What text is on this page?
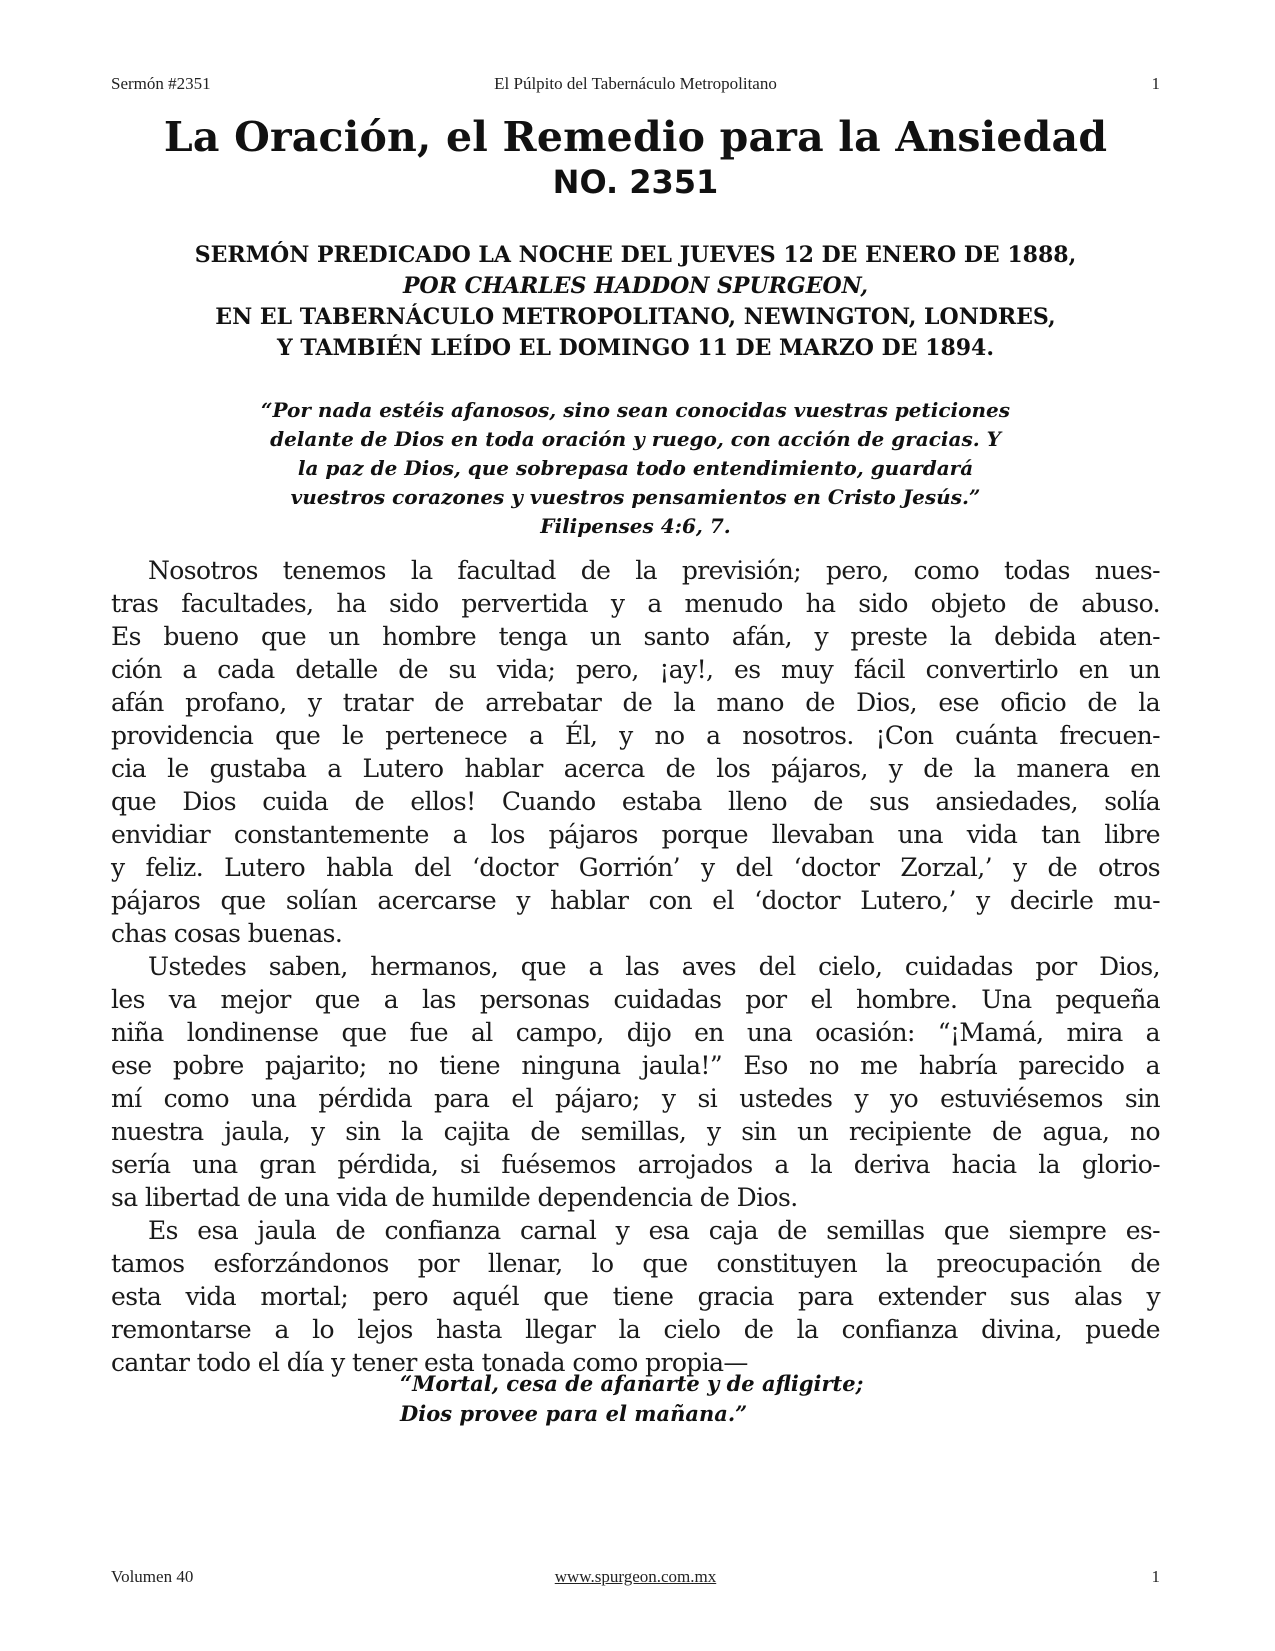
Sermón #2351	El Púlpito del Tabernáculo Metropolitano	1
La Oración, el Remedio para la Ansiedad
NO. 2351
SERMÓN PREDICADO LA NOCHE DEL JUEVES 12 DE ENERO DE 1888,
POR CHARLES HADDON SPURGEON,
EN EL TABERNÁCULO METROPOLITANO, NEWINGTON, LONDRES,
Y TAMBIÉN LEÍDO EL DOMINGO 11 DE MARZO DE 1894.
“Por nada estéis afanosos, sino sean conocidas vuestras peticiones
delante de Dios en toda oración y ruego, con acción de gracias. Y
la paz de Dios, que sobrepasa todo entendimiento, guardará
vuestros corazones y vuestros pensamientos en Cristo Jesús.”
Filipenses 4:6, 7.
Nosotros tenemos la facultad de la previsión; pero, como todas nues-
tras facultades, ha sido pervertida y a menudo ha sido objeto de abuso.
Es bueno que un hombre tenga un santo afán, y preste la debida aten-
ción a cada detalle de su vida; pero, ¡ay!, es muy fácil convertirlo en un
afán profano, y tratar de arrebatar de la mano de Dios, ese oficio de la
providencia que le pertenece a Él, y no a nosotros. ¡Con cuánta frecuen-
cia le gustaba a Lutero hablar acerca de los pájaros, y de la manera en
que Dios cuida de ellos! Cuando estaba lleno de sus ansiedades, solía
envidiar constantemente a los pájaros porque llevaban una vida tan libre
y feliz. Lutero habla del ‘doctor Gorrión’ y del ‘doctor Zorzal,’ y de otros
pájaros que solían acercarse y hablar con el ‘doctor Lutero,’ y decirle mu-
chas cosas buenas.
Ustedes saben, hermanos, que a las aves del cielo, cuidadas por Dios,
les va mejor que a las personas cuidadas por el hombre. Una pequeña
niña londinense que fue al campo, dijo en una ocasión: “¡Mamá, mira a
ese pobre pajarito; no tiene ninguna jaula!” Eso no me habría parecido a
mí como una pérdida para el pájaro; y si ustedes y yo estuviésemos sin
nuestra jaula, y sin la cajita de semillas, y sin un recipiente de agua, no
sería una gran pérdida, si fuésemos arrojados a la deriva hacia la glorio-
sa libertad de una vida de humilde dependencia de Dios.
Es esa jaula de confianza carnal y esa caja de semillas que siempre es-
tamos esforzándonos por llenar, lo que constituyen la preocupación de
esta vida mortal; pero aquél que tiene gracia para extender sus alas y
remontarse a lo lejos hasta llegar la cielo de la confianza divina, puede
cantar todo el día y tener esta tonada como propia—
“Mortal, cesa de afanarte y de afligirte;
Dios provee para el mañana.”
Volumen 40	www.spurgeon.com.mx	1
